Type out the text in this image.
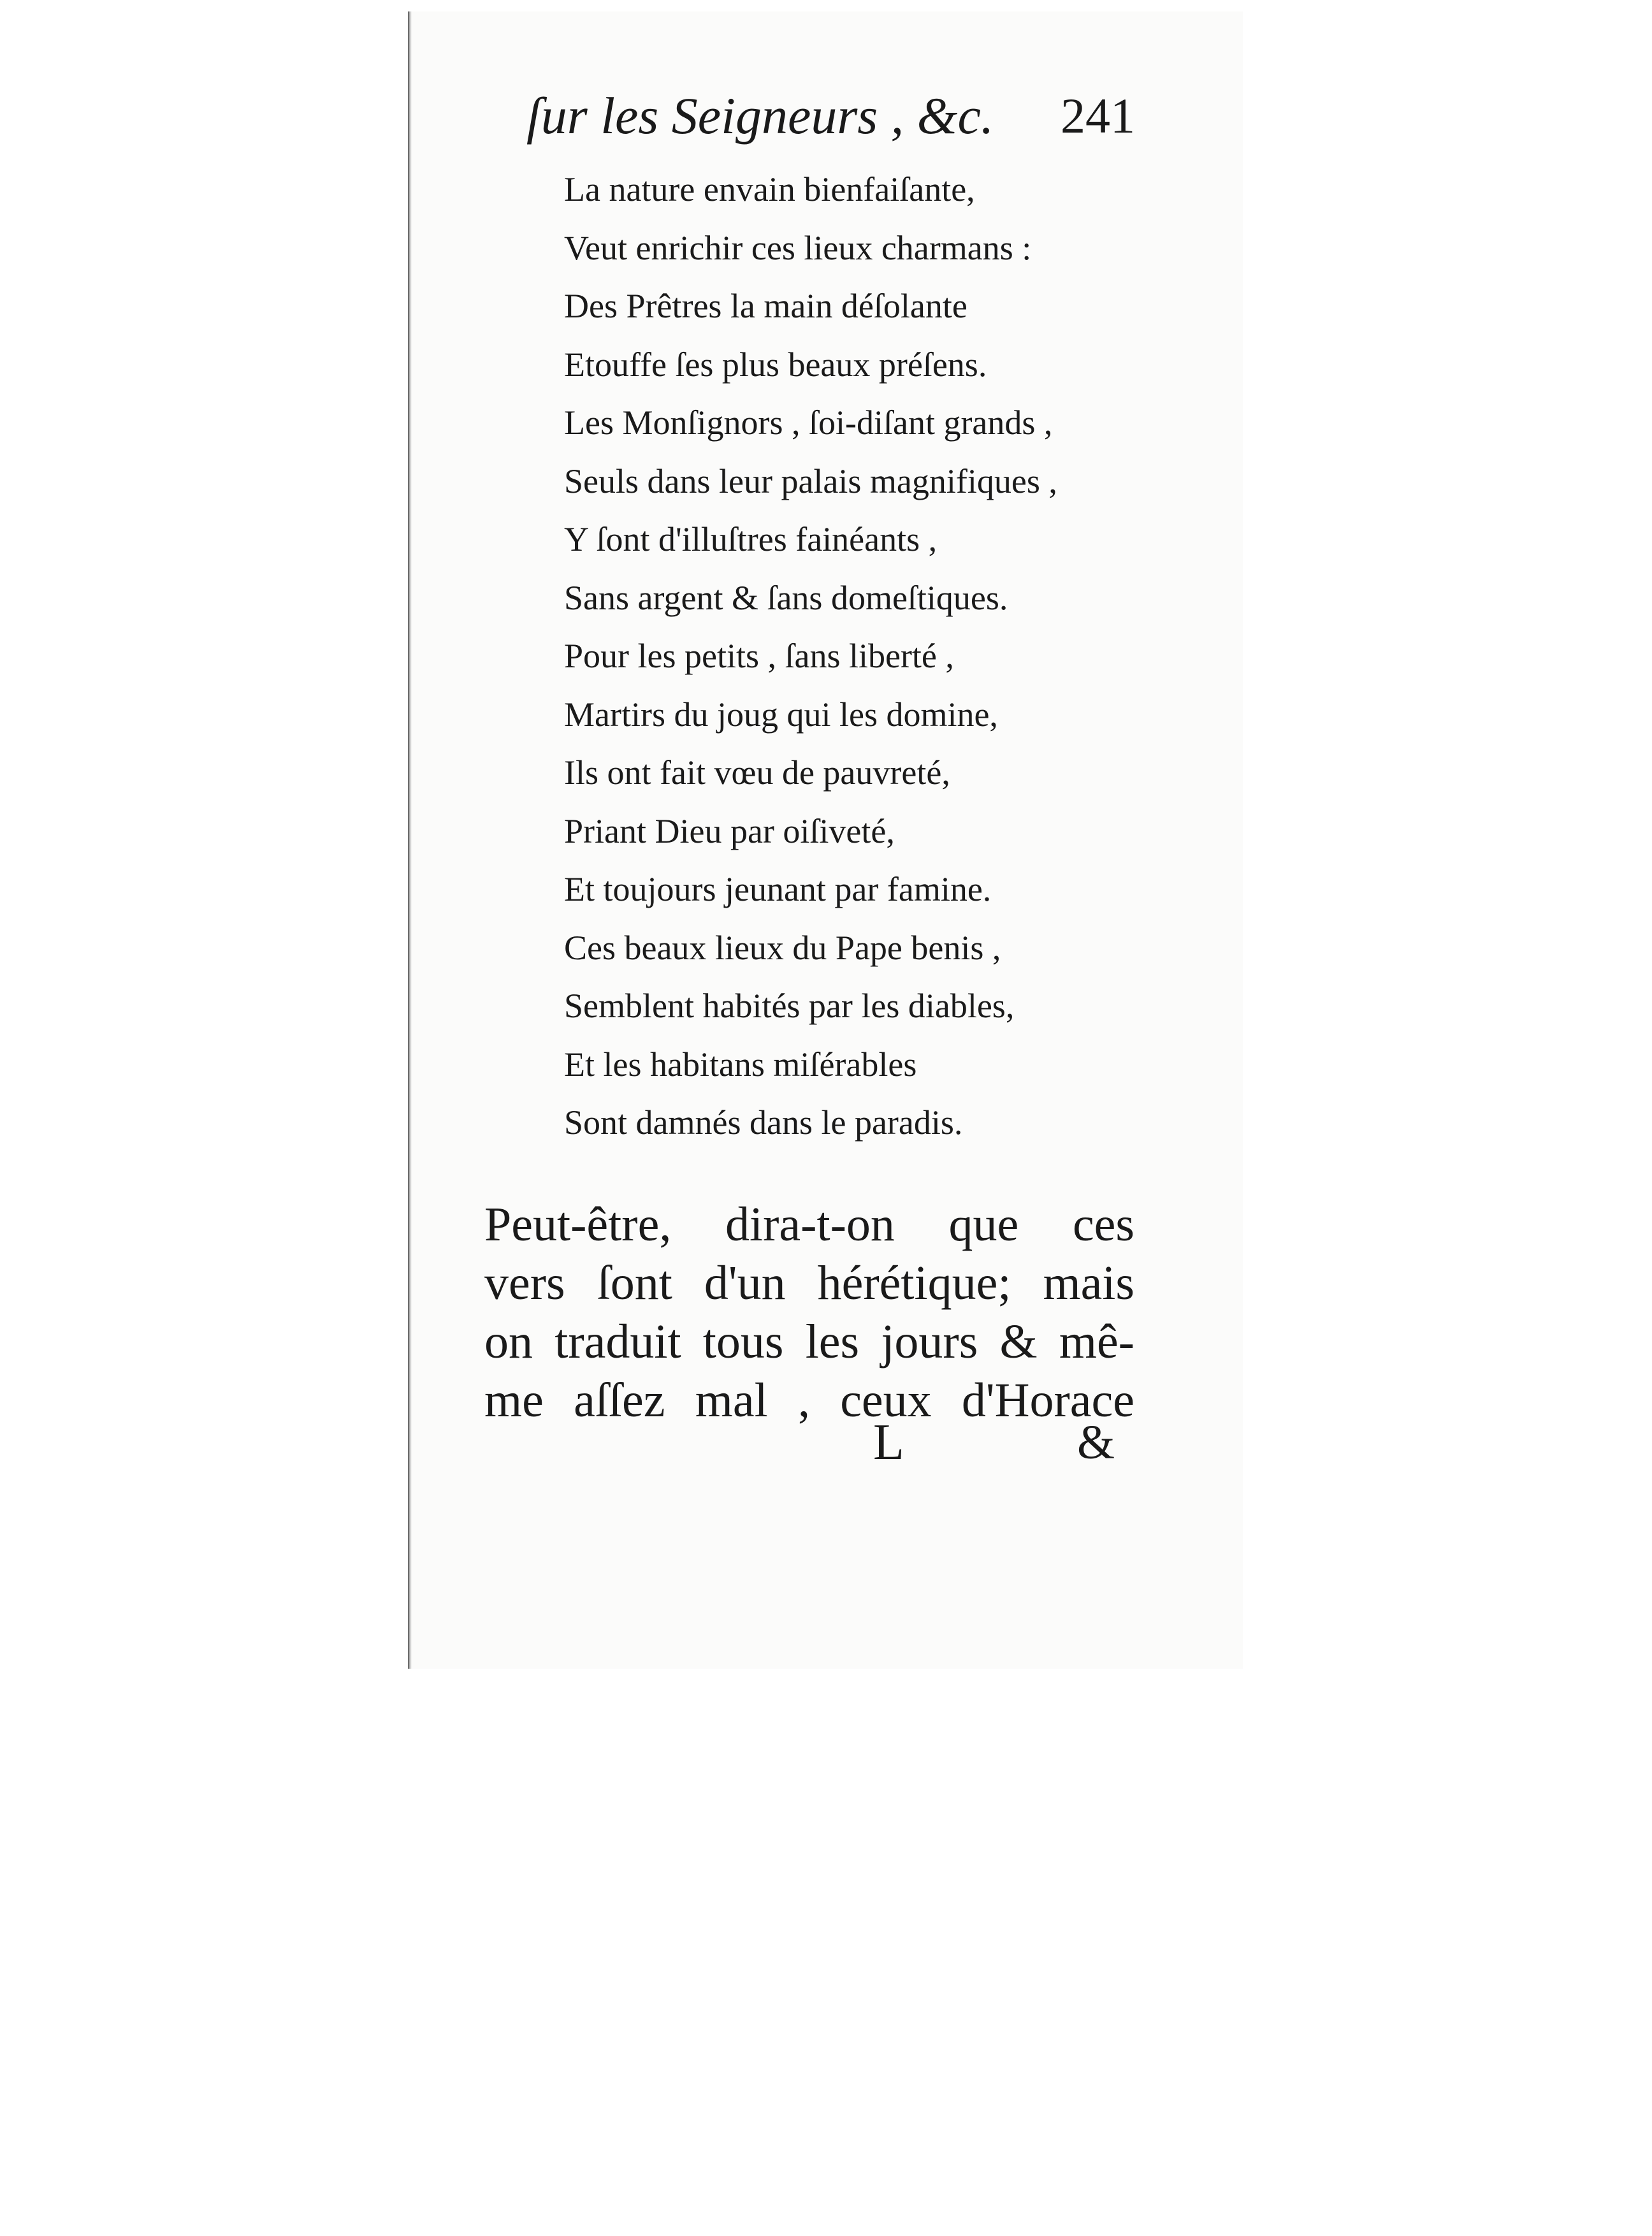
ſur les Seigneurs , &c. 241
La nature envain bienfaiſante,
Veut enrichir ces lieux charmans :
Des Prêtres la main déſolante
Etouffe ſes plus beaux préſens.
Les Monſignors , ſoi-diſant grands ,
Seuls dans leur palais magnifiques ,
Y ſont d'illuſtres fainéants ,
Sans argent & ſans domeſtiques.
Pour les petits , ſans liberté ,
Martirs du joug qui les domine,
Ils ont fait vœu de pauvreté,
Priant Dieu par oiſiveté,
Et toujours jeunant par famine.
Ces beaux lieux du Pape benis ,
Semblent habités par les diables,
Et les habitans miſérables
Sont damnés dans le paradis.
Peut-être, dira-t-on que ces
vers ſont d'un hérétique; mais
on traduit tous les jours & mê-
me aſſez mal , ceux d'Horace
L	&
